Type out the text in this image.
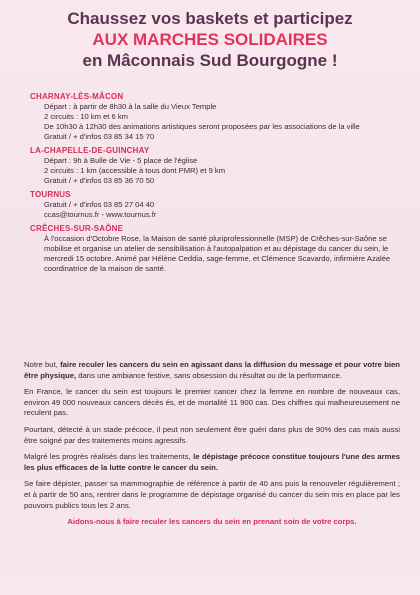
Chaussez vos baskets et participez
AUX MARCHES SOLIDAIRES
en Mâconnais Sud Bourgogne !
CHARNAY-LÈS-MÂCON
Départ : à partir de 8h30 à la salle du Vieux Temple
2 circuits : 10 km et 6 km
De 10h30 à 12h30 des animations artistiques seront proposées par les associations de la ville
Gratuit / + d'infos 03 85 34 15 70
LA-CHAPELLE-DE-GUINCHAY
Départ : 9h à Bulle de Vie - 5 place de l'église
2 circuits : 1 km (accessible à tous dont PMR) et 9 km
Gratuit / + d'infos 03 85 36 70 50
TOURNUS
Gratuit / + d'infos 03 85 27 04 40
ccas@tournus.fr - www.tournus.fr
CRÊCHES-SUR-SAÔNE
À l'occasion d'Octobre Rose, la Maison de santé pluriprofessionnelle (MSP) de Crêches-sur-Saône se mobilise et organise un atelier de sensibilisation à l'autopalpation et au dépistage du cancer du sein, le mercredi 15 octobre. Animé par Hélène Ceddia, sage-femme, et Clémence Scavardo, infirmière Azalée coordinatrice de la maison de santé.

Notre but, faire reculer les cancers du sein en agissant dans la diffusion du message et pour votre bien être physique, dans une ambiance festive, sans obsession du résultat ou de la performance.

En France, le cancer du sein est toujours le premier cancer chez la femme en nombre de nouveaux cas, environ 49 000 nouveaux cancers décès és, et de mortalité 11 900 cas. Des chiffres qui malheureusement ne reculent pas.

Pourtant, détecté à un stade précoce, il peut non seulement être guéri dans plus de 90% des cas mais aussi être soigné par des traitements moins agressifs.

Malgré les progrès réalisés dans les traitements, le dépistage précoce constitue toujours l'une des armes les plus efficaces de la lutte contre le cancer du sein.

Se faire dépister, passer sa mammographie de référence à partir de 40 ans puis la renouveler régulièrement ; et à partir de 50 ans, rentrer dans le programme de dépistage organisé du cancer du sein mis en place par les pouvoirs publics tous les 2 ans.

Aidons-nous à faire reculer les cancers du sein en prenant soin de votre corps.
